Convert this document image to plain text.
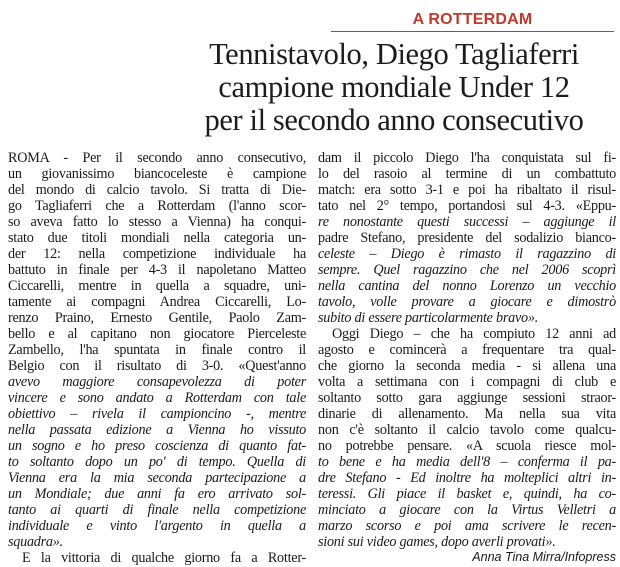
A ROTTERDAM
Tennistavolo, Diego Tagliaferri
campione mondiale Under 12
per il secondo anno consecutivo
ROMA - Per il secondo anno consecutivo,
un giovanissimo biancoceleste è campione
del mondo di calcio tavolo. Si tratta di Die-
go Tagliaferri che a Rotterdam (l'anno scor-
so aveva fatto lo stesso a Vienna) ha conqui-
stato due titoli mondiali nella categoria un-
der 12: nella competizione individuale ha
battuto in finale per 4-3 il napoletano Matteo
Ciccarelli, mentre in quella a squadre, uni-
tamente ai compagni Andrea Ciccarelli, Lo-
renzo Praino, Ernesto Gentile, Paolo Zam-
bello e al capitano non giocatore Pierceleste
Zambello, l'ha spuntata in finale contro il
Belgio con il risultato di 3-0. «Quest'anno
avevo maggiore consapevolezza di poter
vincere e sono andato a Rotterdam con tale
obiettivo – rivela il campioncino -, mentre
nella passata edizione a Vienna ho vissuto
un sogno e ho preso coscienza di quanto fat-
to soltanto dopo un po' di tempo. Quella di
Vienna era la mia seconda partecipazione a
un Mondiale; due anni fa ero arrivato sol-
tanto ai quarti di finale nella competizione
individuale e vinto l'argento in quella a
squadra».
E la vittoria di qualche giorno fa a Rotter-
dam il piccolo Diego l'ha conquistata sul fi-
lo del rasoio al termine di un combattuto
match: era sotto 3-1 e poi ha ribaltato il risul-
tato nel 2° tempo, portandosi sul 4-3. «Eppu-
re nonostante questi successi – aggiunge il
padre Stefano, presidente del sodalizio bianco-
celeste – Diego è rimasto il ragazzino di
sempre. Quel ragazzino che nel 2006 scoprì
nella cantina del nonno Lorenzo un vecchio
tavolo, volle provare a giocare e dimostrò
subito di essere particolarmente bravo».
Oggi Diego – che ha compiuto 12 anni ad
agosto e comincerà a frequentare tra qual-
che giorno la seconda media - si allena una
volta a settimana con i compagni di club e
soltanto sotto gara aggiunge sessioni straor-
dinarie di allenamento. Ma nella sua vita
non c'è soltanto il calcio tavolo come qualcu-
no potrebbe pensare. «A scuola riesce mol-
to bene e ha media dell'8 – conferma il pa-
dre Stefano - Ed inoltre ha molteplici altri in-
teressi. Gli piace il basket e, quindi, ha co-
minciato a giocare con la Virtus Velletri a
marzo scorso e poi ama scrivere le recen-
sioni sui video games, dopo averli provati».
Anna Tina Mirra/Infopress
